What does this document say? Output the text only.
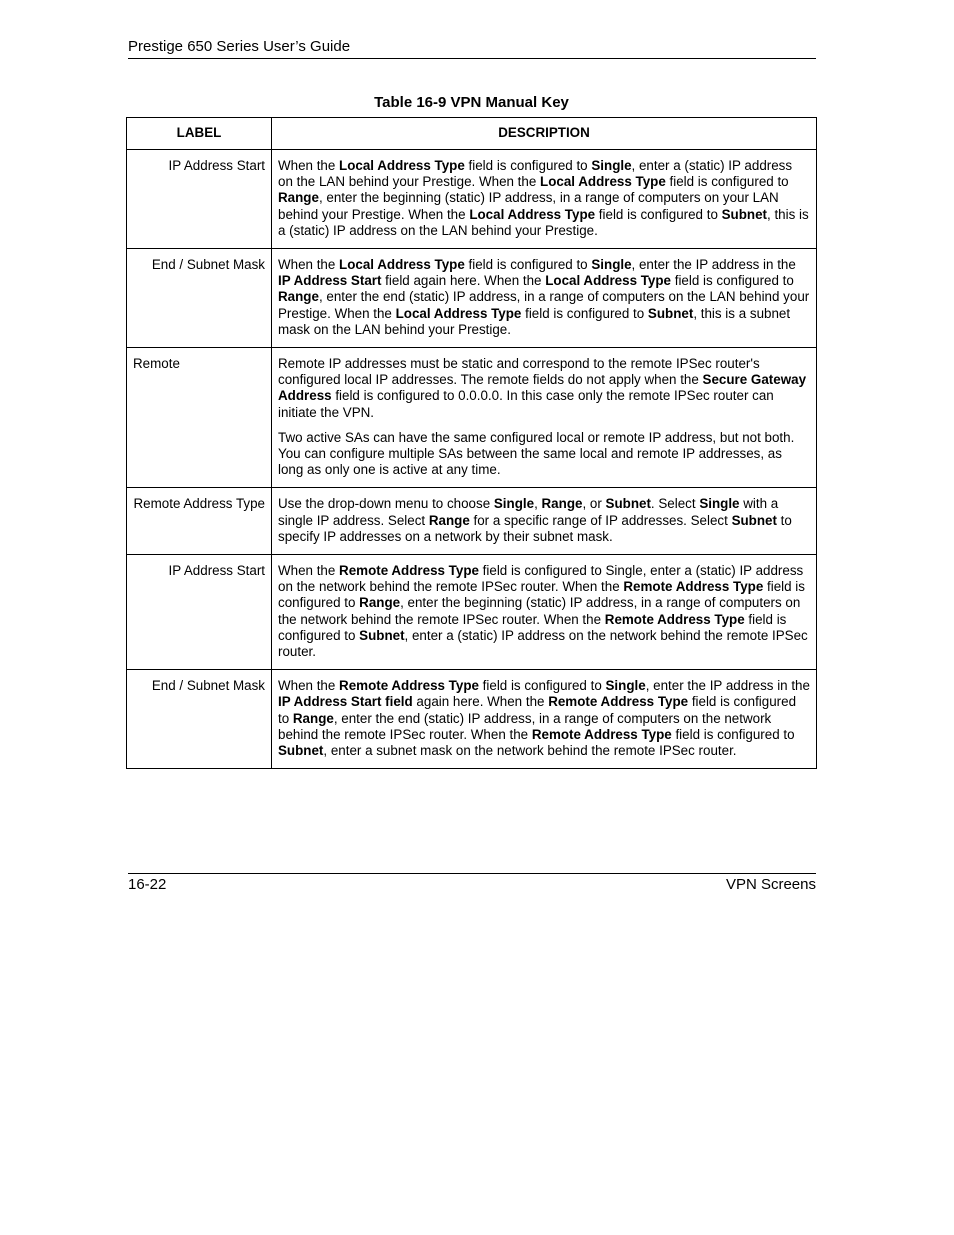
Prestige 650 Series User’s Guide
Table 16-9 VPN Manual Key
LABEL	DESCRIPTION
IP Address Start	When the Local Address Type field is configured to Single, enter a (static) IP address on the LAN behind your Prestige. When the Local Address Type field is configured to Range, enter the beginning (static) IP address, in a range of computers on your LAN behind your Prestige. When the Local Address Type field is configured to Subnet, this is a (static) IP address on the LAN behind your Prestige.

End / Subnet Mask	When the Local Address Type field is configured to Single, enter the IP address in the IP Address Start field again here. When the Local Address Type field is configured to Range, enter the end (static) IP address, in a range of computers on the LAN behind your Prestige. When the Local Address Type field is configured to Subnet, this is a subnet mask on the LAN behind your Prestige.

Remote	Remote IP addresses must be static and correspond to the remote IPSec router's configured local IP addresses. The remote fields do not apply when the Secure Gateway Address field is configured to 0.0.0.0. In this case only the remote IPSec router can initiate the VPN.

Two active SAs can have the same configured local or remote IP address, but not both. You can configure multiple SAs between the same local and remote IP addresses, as long as only one is active at any time.

Remote Address Type	Use the drop-down menu to choose Single, Range, or Subnet. Select Single with a single IP address. Select Range for a specific range of IP addresses. Select Subnet to specify IP addresses on a network by their subnet mask.

IP Address Start	When the Remote Address Type field is configured to Single, enter a (static) IP address on the network behind the remote IPSec router. When the Remote Address Type field is configured to Range, enter the beginning (static) IP address, in a range of computers on the network behind the remote IPSec router. When the Remote Address Type field is configured to Subnet, enter a (static) IP address on the network behind the remote IPSec router.

End / Subnet Mask	When the Remote Address Type field is configured to Single, enter the IP address in the IP Address Start field again here. When the Remote Address Type field is configured to Range, enter the end (static) IP address, in a range of computers on the network behind the remote IPSec router. When the Remote Address Type field is configured to Subnet, enter a subnet mask on the network behind the remote IPSec router.

16-22	VPN Screens
